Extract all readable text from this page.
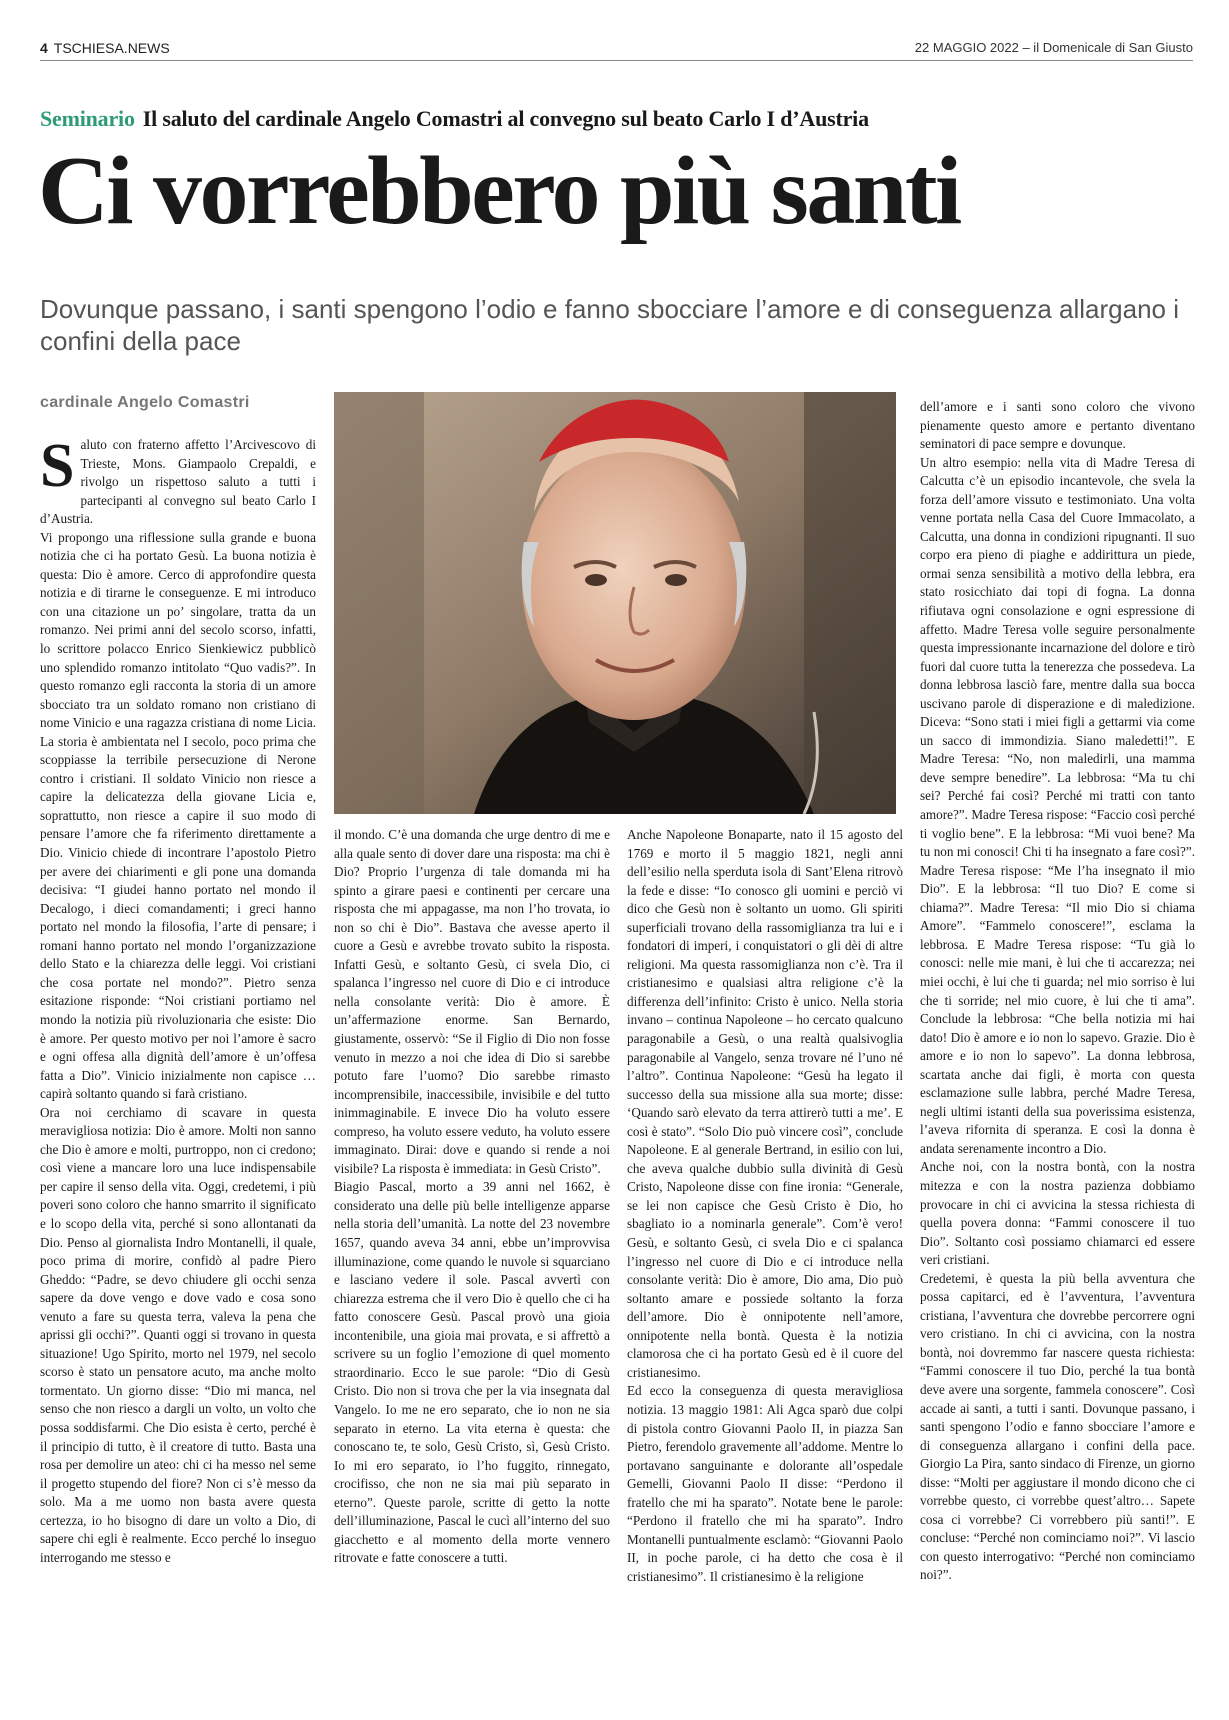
4 TSCHIESA.NEWS	22 MAGGIO 2022 – il Domenicale di San Giusto
Seminario Il saluto del cardinale Angelo Comastri al convegno sul beato Carlo I d’Austria
Ci vorrebbero più santi
Dovunque passano, i santi spengono l’odio e fanno sbocciare l’amore e di conseguenza allargano i confini della pace
cardinale Angelo Comastri

Saluto con fraterno affetto l’Arcivescovo di Trieste, Mons. Giampaolo Crepaldi, e rivolgo un rispettoso saluto a tutti i partecipanti al convegno sul beato Carlo I d’Austria.

Vi propongo una riflessione sulla grande e buona notizia che ci ha portato Gesù. La buona notizia è questa: Dio è amore. Cerco di approfondire questa notizia e di tirarne le conseguenze. E mi introduco con una citazione un po’ singolare, tratta da un romanzo. Nei primi anni del secolo scorso, infatti, lo scrittore polacco Enrico Sienkiewicz pubblicò uno splendido romanzo intitolato “Quo vadis?”. In questo romanzo egli racconta la storia di un amore sbocciato tra un soldato romano non cristiano di nome Vinicio e una ragazza cristiana di nome Licia. La storia è ambientata nel I secolo, poco prima che scoppiasse la terribile persecuzione di Nerone contro i cristiani. Il soldato Vinicio non riesce a capire la delicatezza della giovane Licia e, soprattutto, non riesce a capire il suo modo di pensare l’amore che fa riferimento direttamente a Dio. Vinicio chiede di incontrare l’apostolo Pietro per avere dei chiarimenti e gli pone una domanda decisiva: “I giudei hanno portato nel mondo il Decalogo, i dieci comandamenti; i greci hanno portato nel mondo la filosofia, l’arte di pensare; i romani hanno portato nel mondo l’organizzazione dello Stato e la chiarezza delle leggi. Voi cristiani che cosa portate nel mondo?”. Pietro senza esitazione risponde: “Noi cristiani portiamo nel mondo la notizia più rivoluzionaria che esiste: Dio è amore. Per questo motivo per noi l’amore è sacro e ogni offesa alla dignità dell’amore è un’offesa fatta a Dio”. Vinicio inizialmente non capisce … capirà soltanto quando si farà cristiano.

Ora noi cerchiamo di scavare in questa meravigliosa notizia: Dio è amore. Molti non sanno che Dio è amore e molti, purtroppo, non ci credono; così viene a mancare loro una luce indispensabile per capire il senso della vita. Oggi, credetemi, i più poveri sono coloro che hanno smarrito il significato e lo scopo della vita, perché si sono allontanati da Dio. Penso al giornalista Indro Montanelli, il quale, poco prima di morire, confidò al padre Piero Gheddo: “Padre, se devo chiudere gli occhi senza sapere da dove vengo e dove vado e cosa sono venuto a fare su questa terra, valeva la pena che aprissi gli occhi?”. Quanti oggi si trovano in questa situazione! Ugo Spirito, morto nel 1979, nel secolo scorso è stato un pensatore acuto, ma anche molto tormentato. Un giorno disse: “Dio mi manca, nel senso che non riesco a dargli un volto, un volto che possa soddisfarmi. Che Dio esista è certo, perché è il principio di tutto, è il creatore di tutto. Basta una rosa per demolire un ateo: chi ci ha messo nel seme il progetto stupendo del fiore? Non ci s’è messo da solo. Ma a me uomo non basta avere questa certezza, io ho bisogno di dare un volto a Dio, di sapere chi egli è realmente. Ecco perché lo inseguo interrogando me stesso e

il mondo. C’è una domanda che urge dentro di me e alla quale sento di dover dare una risposta: ma chi è Dio? Proprio l’urgenza di tale domanda mi ha spinto a girare paesi e continenti per cercare una risposta che mi appagasse, ma non l’ho trovata, io non so chi è Dio”. Bastava che avesse aperto il cuore a Gesù e avrebbe trovato subito la risposta. Infatti Gesù, e soltanto Gesù, ci svela Dio, ci spalanca l’ingresso nel cuore di Dio e ci introduce nella consolante verità: Dio è amore. È un’affermazione enorme. San Bernardo, giustamente, osservò: “Se il Figlio di Dio non fosse venuto in mezzo a noi che idea di Dio si sarebbe potuto fare l’uomo? Dio sarebbe rimasto incomprensibile, inaccessibile, invisibile e del tutto inimmaginabile. E invece Dio ha voluto essere compreso, ha voluto essere veduto, ha voluto essere immaginato. Dirai: dove e quando si rende a noi visibile? La risposta è immediata: in Gesù Cristo”.

Biagio Pascal, morto a 39 anni nel 1662, è considerato una delle più belle intelligenze apparse nella storia dell’umanità. La notte del 23 novembre 1657, quando aveva 34 anni, ebbe un’improvvisa illuminazione, come quando le nuvole si squarciano e lasciano vedere il sole. Pascal avvertì con chiarezza estrema che il vero Dio è quello che ci ha fatto conoscere Gesù. Pascal provò una gioia incontenibile, una gioia mai provata, e si affrettò a scrivere su un foglio l’emozione di quel momento straordinario. Ecco le sue parole: “Dio di Gesù Cristo. Dio non si trova che per la via insegnata dal Vangelo. Io me ne ero separato, che io non ne sia separato in eterno. La vita eterna è questa: che conoscano te, te solo, Gesù Cristo, sì, Gesù Cristo. Io mi ero separato, io l’ho fuggito, rinnegato, crocifisso, che non ne sia mai più separato in eterno”. Queste parole, scritte di getto la notte dell’illuminazione, Pascal le cucì all’interno del suo giacchetto e al momento della morte vennero ritrovate e fatte conoscere a tutti.

Anche Napoleone Bonaparte, nato il 15 agosto del 1769 e morto il 5 maggio 1821, negli anni dell’esilio nella sperduta isola di Sant’Elena ritrovò la fede e disse: “Io conosco gli uomini e perciò vi dico che Gesù non è soltanto un uomo. Gli spiriti superficiali trovano della rassomiglianza tra lui e i fondatori di imperi, i conquistatori o gli dèi di altre religioni. Ma questa rassomiglianza non c’è. Tra il cristianesimo e qualsiasi altra religione c’è la differenza dell’infinito: Cristo è unico. Nella storia invano – continua Napoleone – ho cercato qualcuno paragonabile a Gesù, o una realtà qualsivoglia paragonabile al Vangelo, senza trovare né l’uno né l’altro”. Continua Napoleone: “Gesù ha legato il successo della sua missione alla sua morte; disse: ‘Quando sarò elevato da terra attirerò tutti a me’. E così è stato”. “Solo Dio può vincere così”, conclude Napoleone. E al generale Bertrand, in esilio con lui, che aveva qualche dubbio sulla divinità di Gesù Cristo, Napoleone disse con fine ironia: “Generale, se lei non capisce che Gesù Cristo è Dio, ho sbagliato io a nominarla generale”. Com’è vero! Gesù, e soltanto Gesù, ci svela Dio e ci spalanca l’ingresso nel cuore di Dio e ci introduce nella consolante verità: Dio è amore, Dio ama, Dio può soltanto amare e possiede soltanto la forza dell’amore. Dio è onnipotente nell’amore, onnipotente nella bontà. Questa è la notizia clamorosa che ci ha portato Gesù ed è il cuore del cristianesimo.

Ed ecco la conseguenza di questa meravigliosa notizia. 13 maggio 1981: Ali Agca sparò due colpi di pistola contro Giovanni Paolo II, in piazza San Pietro, ferendolo gravemente all’addome. Mentre lo portavano sanguinante e dolorante all’ospedale Gemelli, Giovanni Paolo II disse: “Perdono il fratello che mi ha sparato”. Notate bene le parole: “Perdono il fratello che mi ha sparato”. Indro Montanelli puntualmente esclamò: “Giovanni Paolo II, in poche parole, ci ha detto che cosa è il cristianesimo”. Il cristianesimo è la religione

dell’amore e i santi sono coloro che vivono pienamente questo amore e pertanto diventano seminatori di pace sempre e dovunque.

Un altro esempio: nella vita di Madre Teresa di Calcutta c’è un episodio incantevole, che svela la forza dell’amore vissuto e testimoniato. Una volta venne portata nella Casa del Cuore Immacolato, a Calcutta, una donna in condizioni ripugnanti. Il suo corpo era pieno di piaghe e addirittura un piede, ormai senza sensibilità a motivo della lebbra, era stato rosicchiato dai topi di fogna. La donna rifiutava ogni consolazione e ogni espressione di affetto. Madre Teresa volle seguire personalmente questa impressionante incarnazione del dolore e tirò fuori dal cuore tutta la tenerezza che possedeva. La donna lebbrosa lasciò fare, mentre dalla sua bocca uscivano parole di disperazione e di maledizione. Diceva: “Sono stati i miei figli a gettarmi via come un sacco di immondizia. Siano maledetti!”. E Madre Teresa: “No, non maledirli, una mamma deve sempre benedire”. La lebbrosa: “Ma tu chi sei? Perché fai così? Perché mi tratti con tanto amore?”. Madre Teresa rispose: “Faccio così perché ti voglio bene”. E la lebbrosa: “Mi vuoi bene? Ma tu non mi conosci! Chi ti ha insegnato a fare così?”. Madre Teresa rispose: “Me l’ha insegnato il mio Dio”. E la lebbrosa: “Il tuo Dio? E come si chiama?”. Madre Teresa: “Il mio Dio si chiama Amore”. “Fammelo conoscere!”, esclama la lebbrosa. E Madre Teresa rispose: “Tu già lo conosci: nelle mie mani, è lui che ti accarezza; nei miei occhi, è lui che ti guarda; nel mio sorriso è lui che ti sorride; nel mio cuore, è lui che ti ama”. Conclude la lebbrosa: “Che bella notizia mi hai dato! Dio è amore e io non lo sapevo. Grazie. Dio è amore e io non lo sapevo”. La donna lebbrosa, scartata anche dai figli, è morta con questa esclamazione sulle labbra, perché Madre Teresa, negli ultimi istanti della sua poverissima esistenza, l’aveva rifornita di speranza. E così la donna è andata serenamente incontro a Dio.

Anche noi, con la nostra bontà, con la nostra mitezza e con la nostra pazienza dobbiamo provocare in chi ci avvicina la stessa richiesta di quella povera donna: “Fammi conoscere il tuo Dio”. Soltanto così possiamo chiamarci ed essere veri cristiani.

Credetemi, è questa la più bella avventura che possa capitarci, ed è l’avventura, l’avventura cristiana, l’avventura che dovrebbe percorrere ogni vero cristiano. In chi ci avvicina, con la nostra bontà, noi dovremmo far nascere questa richiesta: “Fammi conoscere il tuo Dio, perché la tua bontà deve avere una sorgente, fammela conoscere”. Così accade ai santi, a tutti i santi. Dovunque passano, i santi spengono l’odio e fanno sbocciare l’amore e di conseguenza allargano i confini della pace. Giorgio La Pira, santo sindaco di Firenze, un giorno disse: “Molti per aggiustare il mondo dicono che ci vorrebbe questo, ci vorrebbe quest’altro… Sapete cosa ci vorrebbe? Ci vorrebbero più santi!”. E concluse: “Perché non cominciamo noi?”. Vi lascio con questo interrogativo: “Perché non cominciamo noi?”.
